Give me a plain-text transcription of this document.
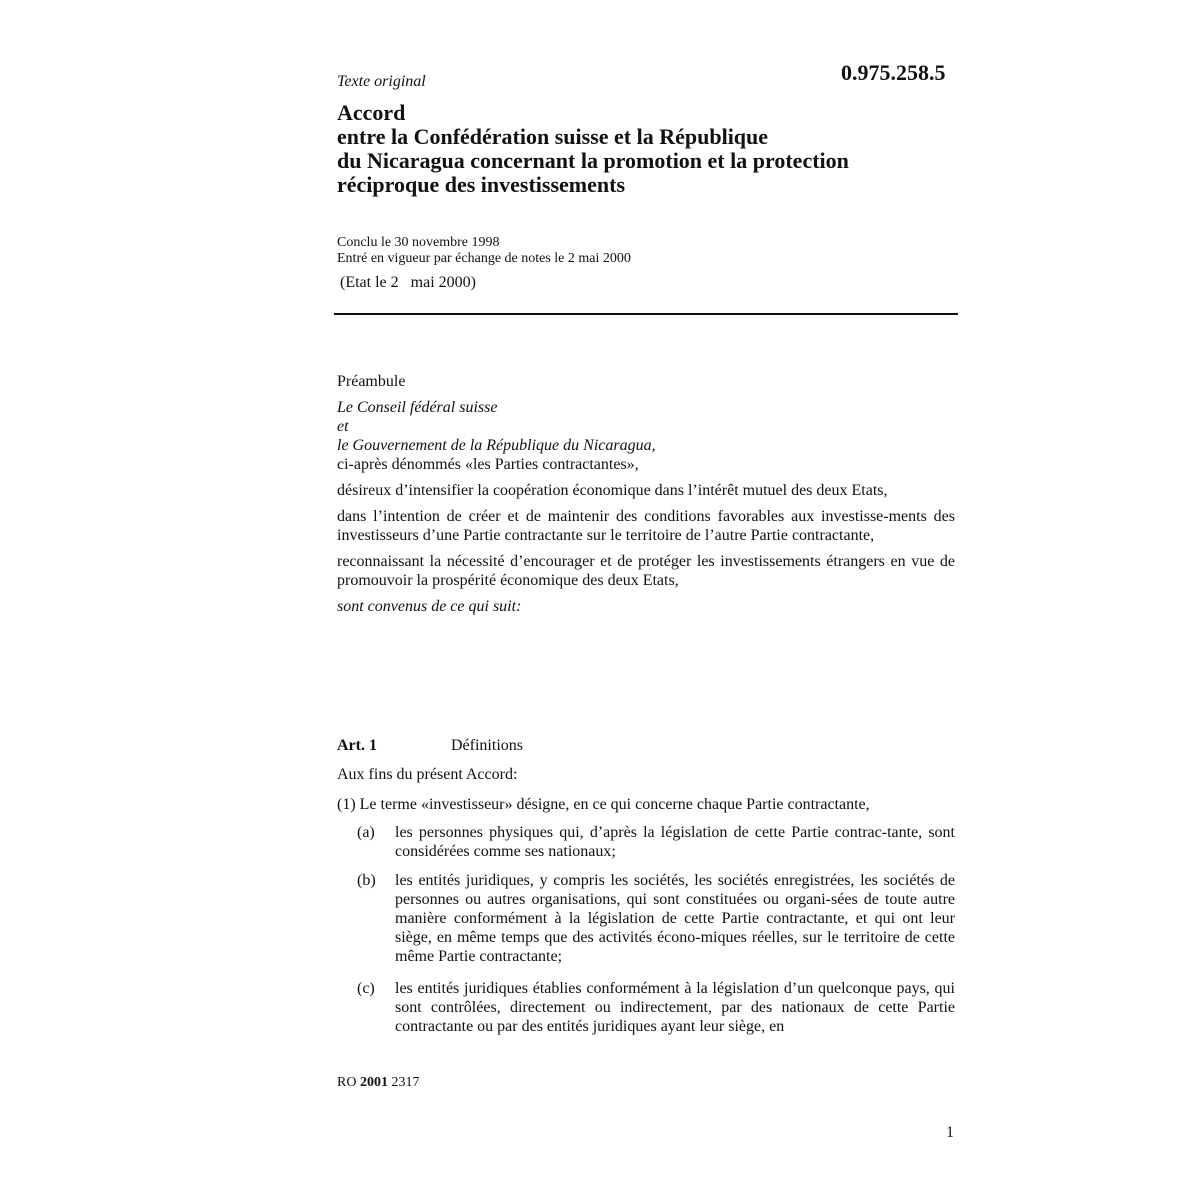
0.975.258.5
Texte original
Accord
entre la Confédération suisse et la République
du Nicaragua concernant la promotion et la protection
réciproque des investissements
Conclu le 30 novembre 1998
Entré en vigueur par échange de notes le 2 mai 2000
(Etat le 2   mai 2000)
Préambule
Le Conseil fédéral suisse
et
le Gouvernement de la République du Nicaragua,
ci-après dénommés «les Parties contractantes»,
désireux d’intensifier la coopération économique dans l’intérêt mutuel des deux Etats,
dans l’intention de créer et de maintenir des conditions favorables aux investisse-ments des investisseurs d’une Partie contractante sur le territoire de l’autre Partie contractante,
reconnaissant la nécessité d’encourager et de protéger les investissements étrangers en vue de promouvoir la prospérité économique des deux Etats,
sont convenus de ce qui suit:
Art. 1	Définitions
Aux fins du présent Accord:
(1) Le terme «investisseur» désigne, en ce qui concerne chaque Partie contractante,
(a) les personnes physiques qui, d’après la législation de cette Partie contrac-tante, sont considérées comme ses nationaux;
(b) les entités juridiques, y compris les sociétés, les sociétés enregistrées, les sociétés de personnes ou autres organisations, qui sont constituées ou organi-sées de toute autre manière conformément à la législation de cette Partie contractante, et qui ont leur siège, en même temps que des activités écono-miques réelles, sur le territoire de cette même Partie contractante;
(c) les entités juridiques établies conformément à la législation d’un quelconque pays, qui sont contrôlées, directement ou indirectement, par des nationaux de cette Partie contractante ou par des entités juridiques ayant leur siège, en
RO 2001 2317
1
